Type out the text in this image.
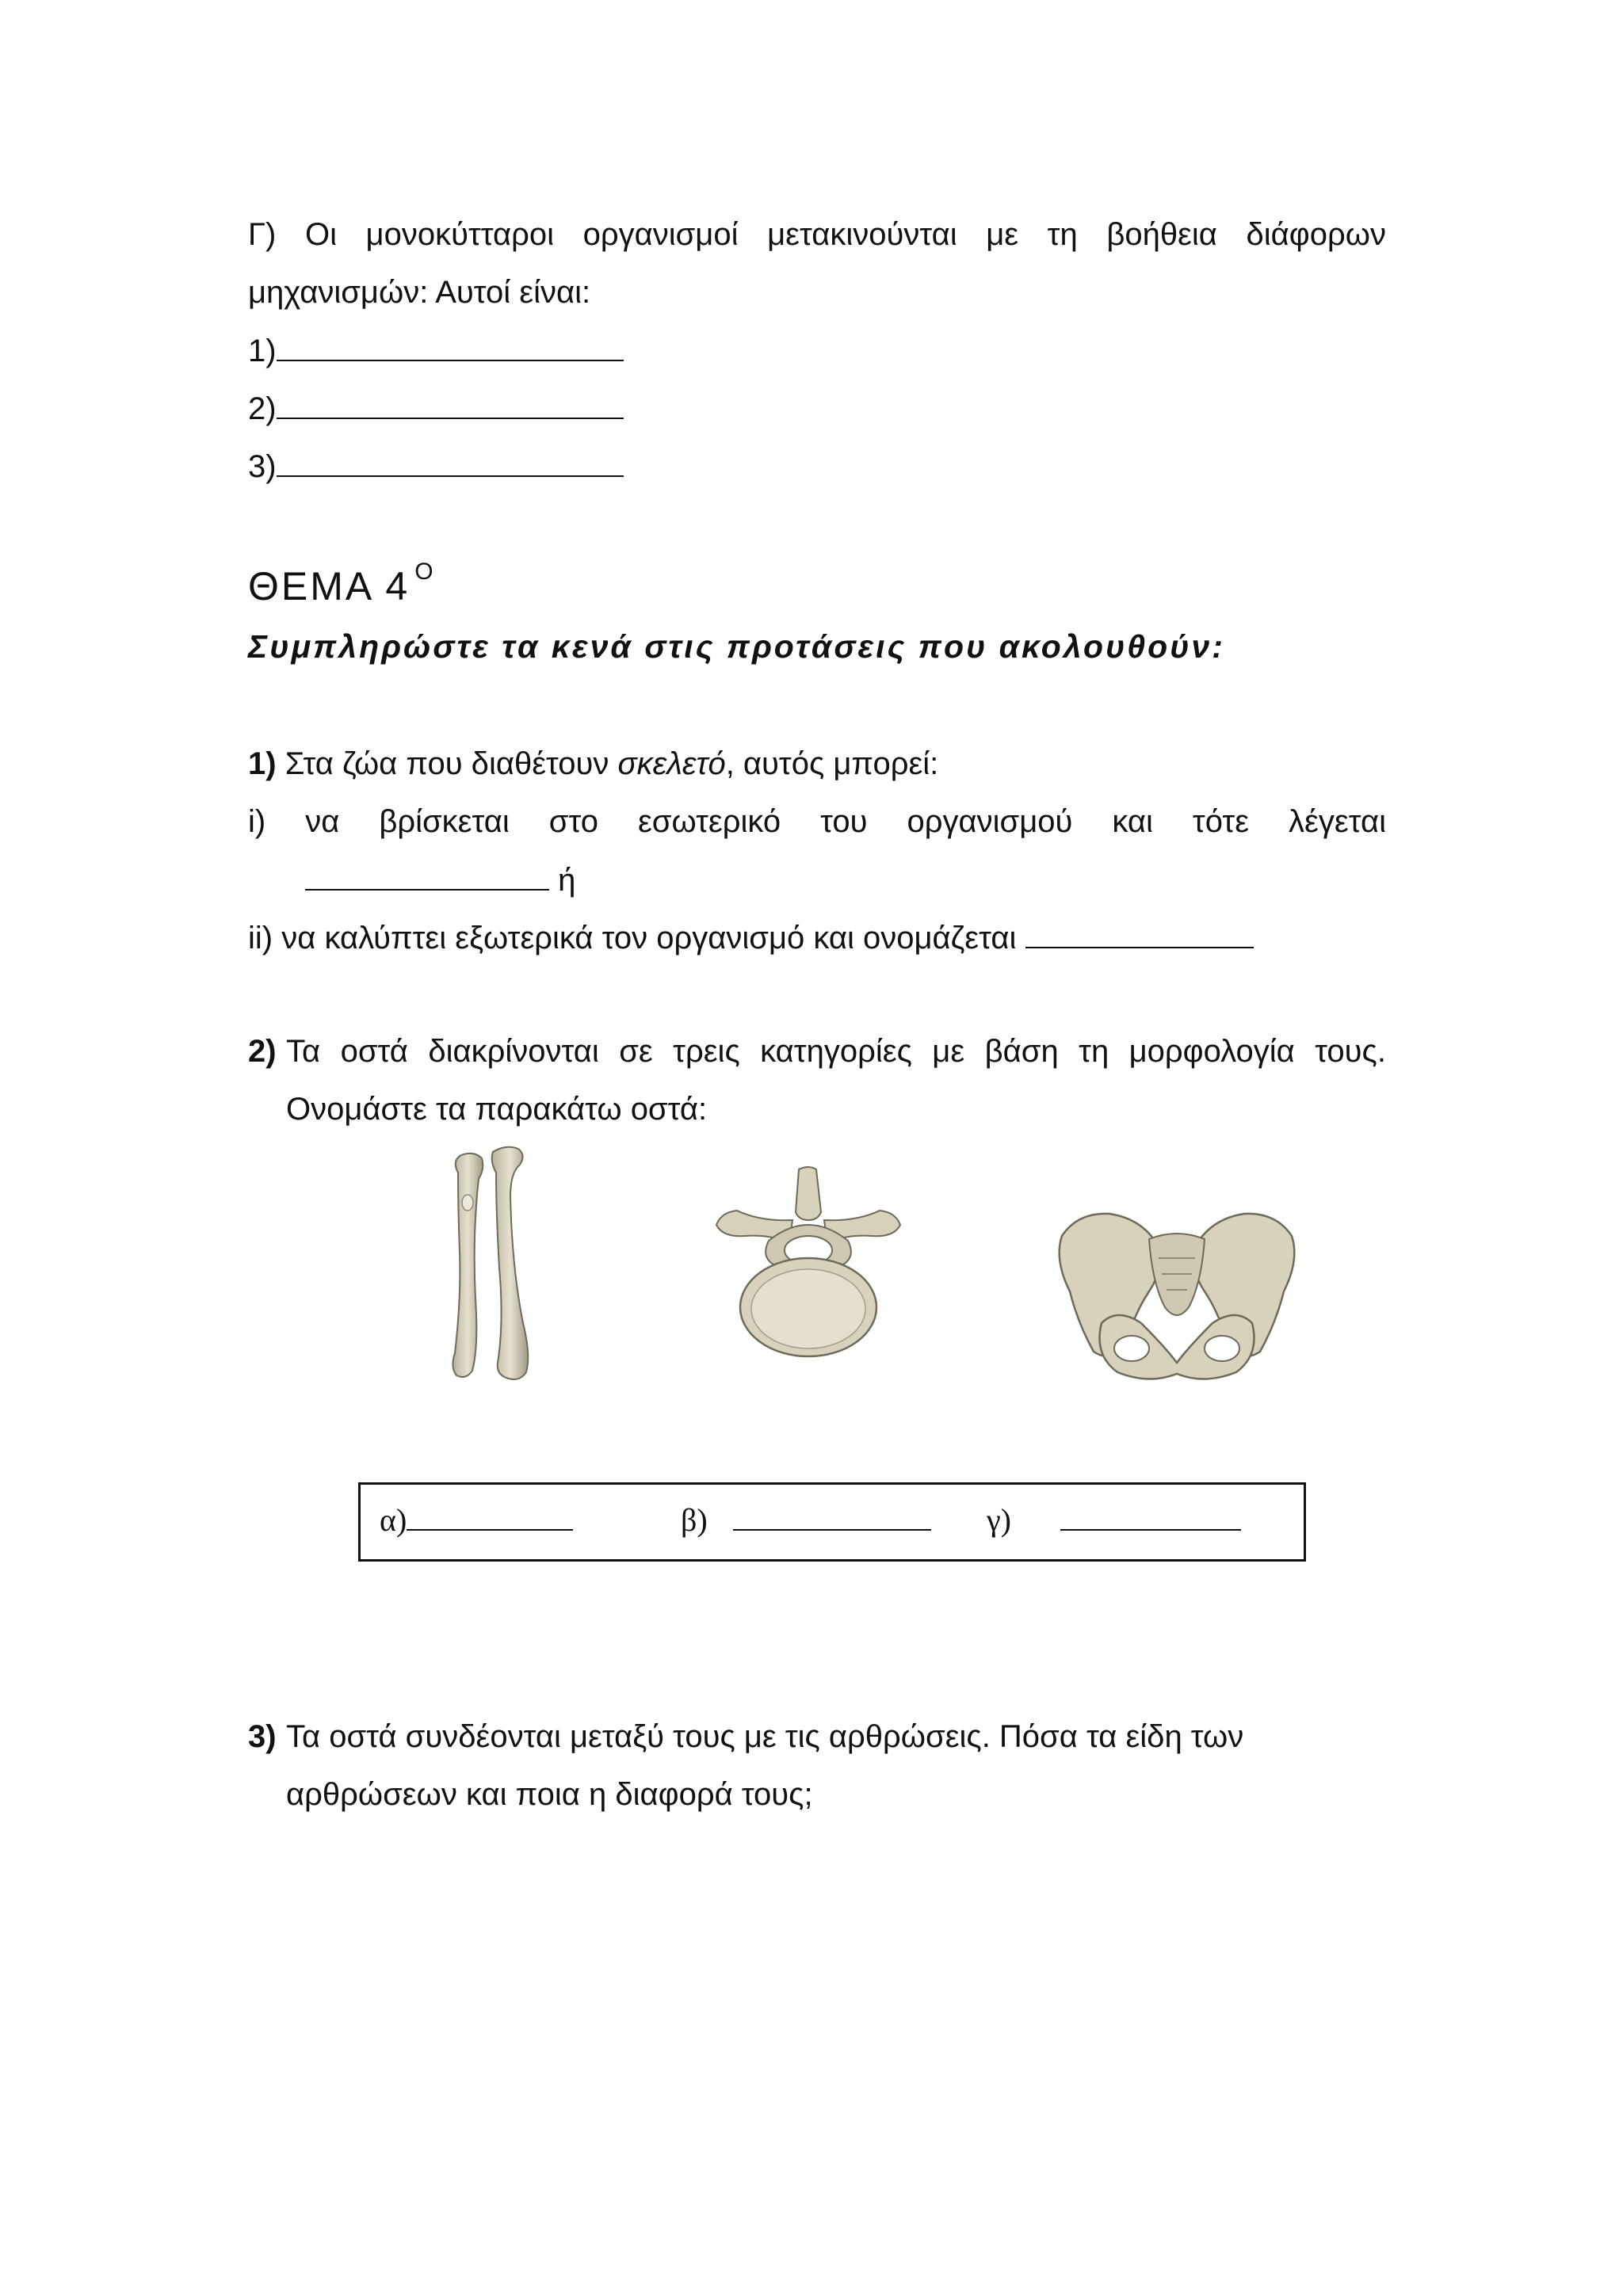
Γ) Οι μονοκύτταροι οργανισμοί μετακινούνται με τη βοήθεια διάφορων
μηχανισμών: Αυτοί είναι:
1)
2)
3)
ΘΕΜΑ 4 $^O$
Συμπληρώστε τα κενά στις προτάσεις που ακολουθούν:
1) Στα ζώα που διαθέτουν σκελετό, αυτός μπορεί:
i) να βρίσκεται στο εσωτερικό του οργανισμού και τότε λέγεται
ή
ii) να καλύπτει εξωτερικά τον οργανισμό και ονομάζεται
2) Τα οστά διακρίνονται σε τρεις κατηγορίες με βάση τη μορφολογία τους.
Ονομάστε τα παρακάτω οστά:
α)	β)	γ)
3) Τα οστά συνδέονται μεταξύ τους με τις αρθρώσεις. Πόσα τα είδη των
αρθρώσεων και ποια η διαφορά τους;
